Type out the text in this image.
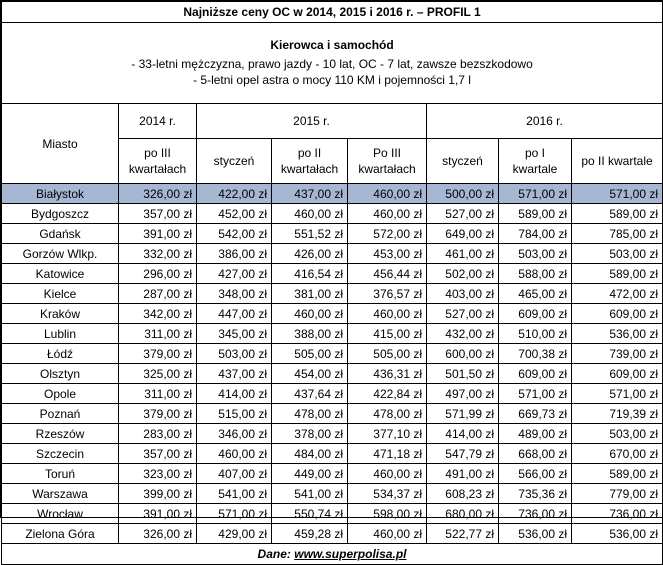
Najniższe ceny OC w 2014, 2015 i 2016 r. – PROFIL 1							

Kierowca i samochód
- 33-letni mężczyzna, prawo jazdy - 10 lat, OC - 7 lat, zawsze bezszkodowo
- 5-letni opel astra o mocy 110 KM i pojemności 1,7 l							

Miasto	2014 r.	2015 r.			2016 r.		
	po III kwartałach	styczeń	po II kwartałach	Po III kwartałach	styczeń	po I kwartale	po II kwartale
Białystok	326,00 zł	422,00 zł	437,00 zł	460,00 zł	500,00 zł	571,00 zł	571,00 zł
Bydgoszcz	357,00 zł	452,00 zł	460,00 zł	460,00 zł	527,00 zł	589,00 zł	589,00 zł
Gdańsk	391,00 zł	542,00 zł	551,52 zł	572,00 zł	649,00 zł	784,00 zł	785,00 zł
Gorzów Wlkp.	332,00 zł	386,00 zł	426,00 zł	453,00 zł	461,00 zł	503,00 zł	503,00 zł
Katowice	296,00 zł	427,00 zł	416,54 zł	456,44 zł	502,00 zł	588,00 zł	589,00 zł
Kielce	287,00 zł	348,00 zł	381,00 zł	376,57 zł	403,00 zł	465,00 zł	472,00 zł
Kraków	342,00 zł	447,00 zł	460,00 zł	460,00 zł	527,00 zł	609,00 zł	609,00 zł
Lublin	311,00 zł	345,00 zł	388,00 zł	415,00 zł	432,00 zł	510,00 zł	536,00 zł
Łódź	379,00 zł	503,00 zł	505,00 zł	505,00 zł	600,00 zł	700,38 zł	739,00 zł
Olsztyn	325,00 zł	437,00 zł	454,00 zł	436,31 zł	501,50 zł	609,00 zł	609,00 zł
Opole	311,00 zł	414,00 zł	437,64 zł	422,84 zł	497,00 zł	571,00 zł	571,00 zł
Poznań	379,00 zł	515,00 zł	478,00 zł	478,00 zł	571,99 zł	669,73 zł	719,39 zł
Rzeszów	283,00 zł	346,00 zł	378,00 zł	377,10 zł	414,00 zł	489,00 zł	503,00 zł
Szczecin	357,00 zł	460,00 zł	484,00 zł	471,18 zł	547,79 zł	668,00 zł	670,00 zł
Toruń	323,00 zł	407,00 zł	449,00 zł	460,00 zł	491,00 zł	566,00 zł	589,00 zł
Warszawa	399,00 zł	541,00 zł	541,00 zł	534,37 zł	608,23 zł	735,36 zł	779,00 zł
Wrocław	391,00 zł	571,00 zł	550,74 zł	598,00 zł	680,00 zł	736,00 zł	736,00 zł
Zielona Góra	326,00 zł	429,00 zł	459,28 zł	460,00 zł	522,77 zł	536,00 zł	536,00 zł
Dane: www.superpolisa.pl							
